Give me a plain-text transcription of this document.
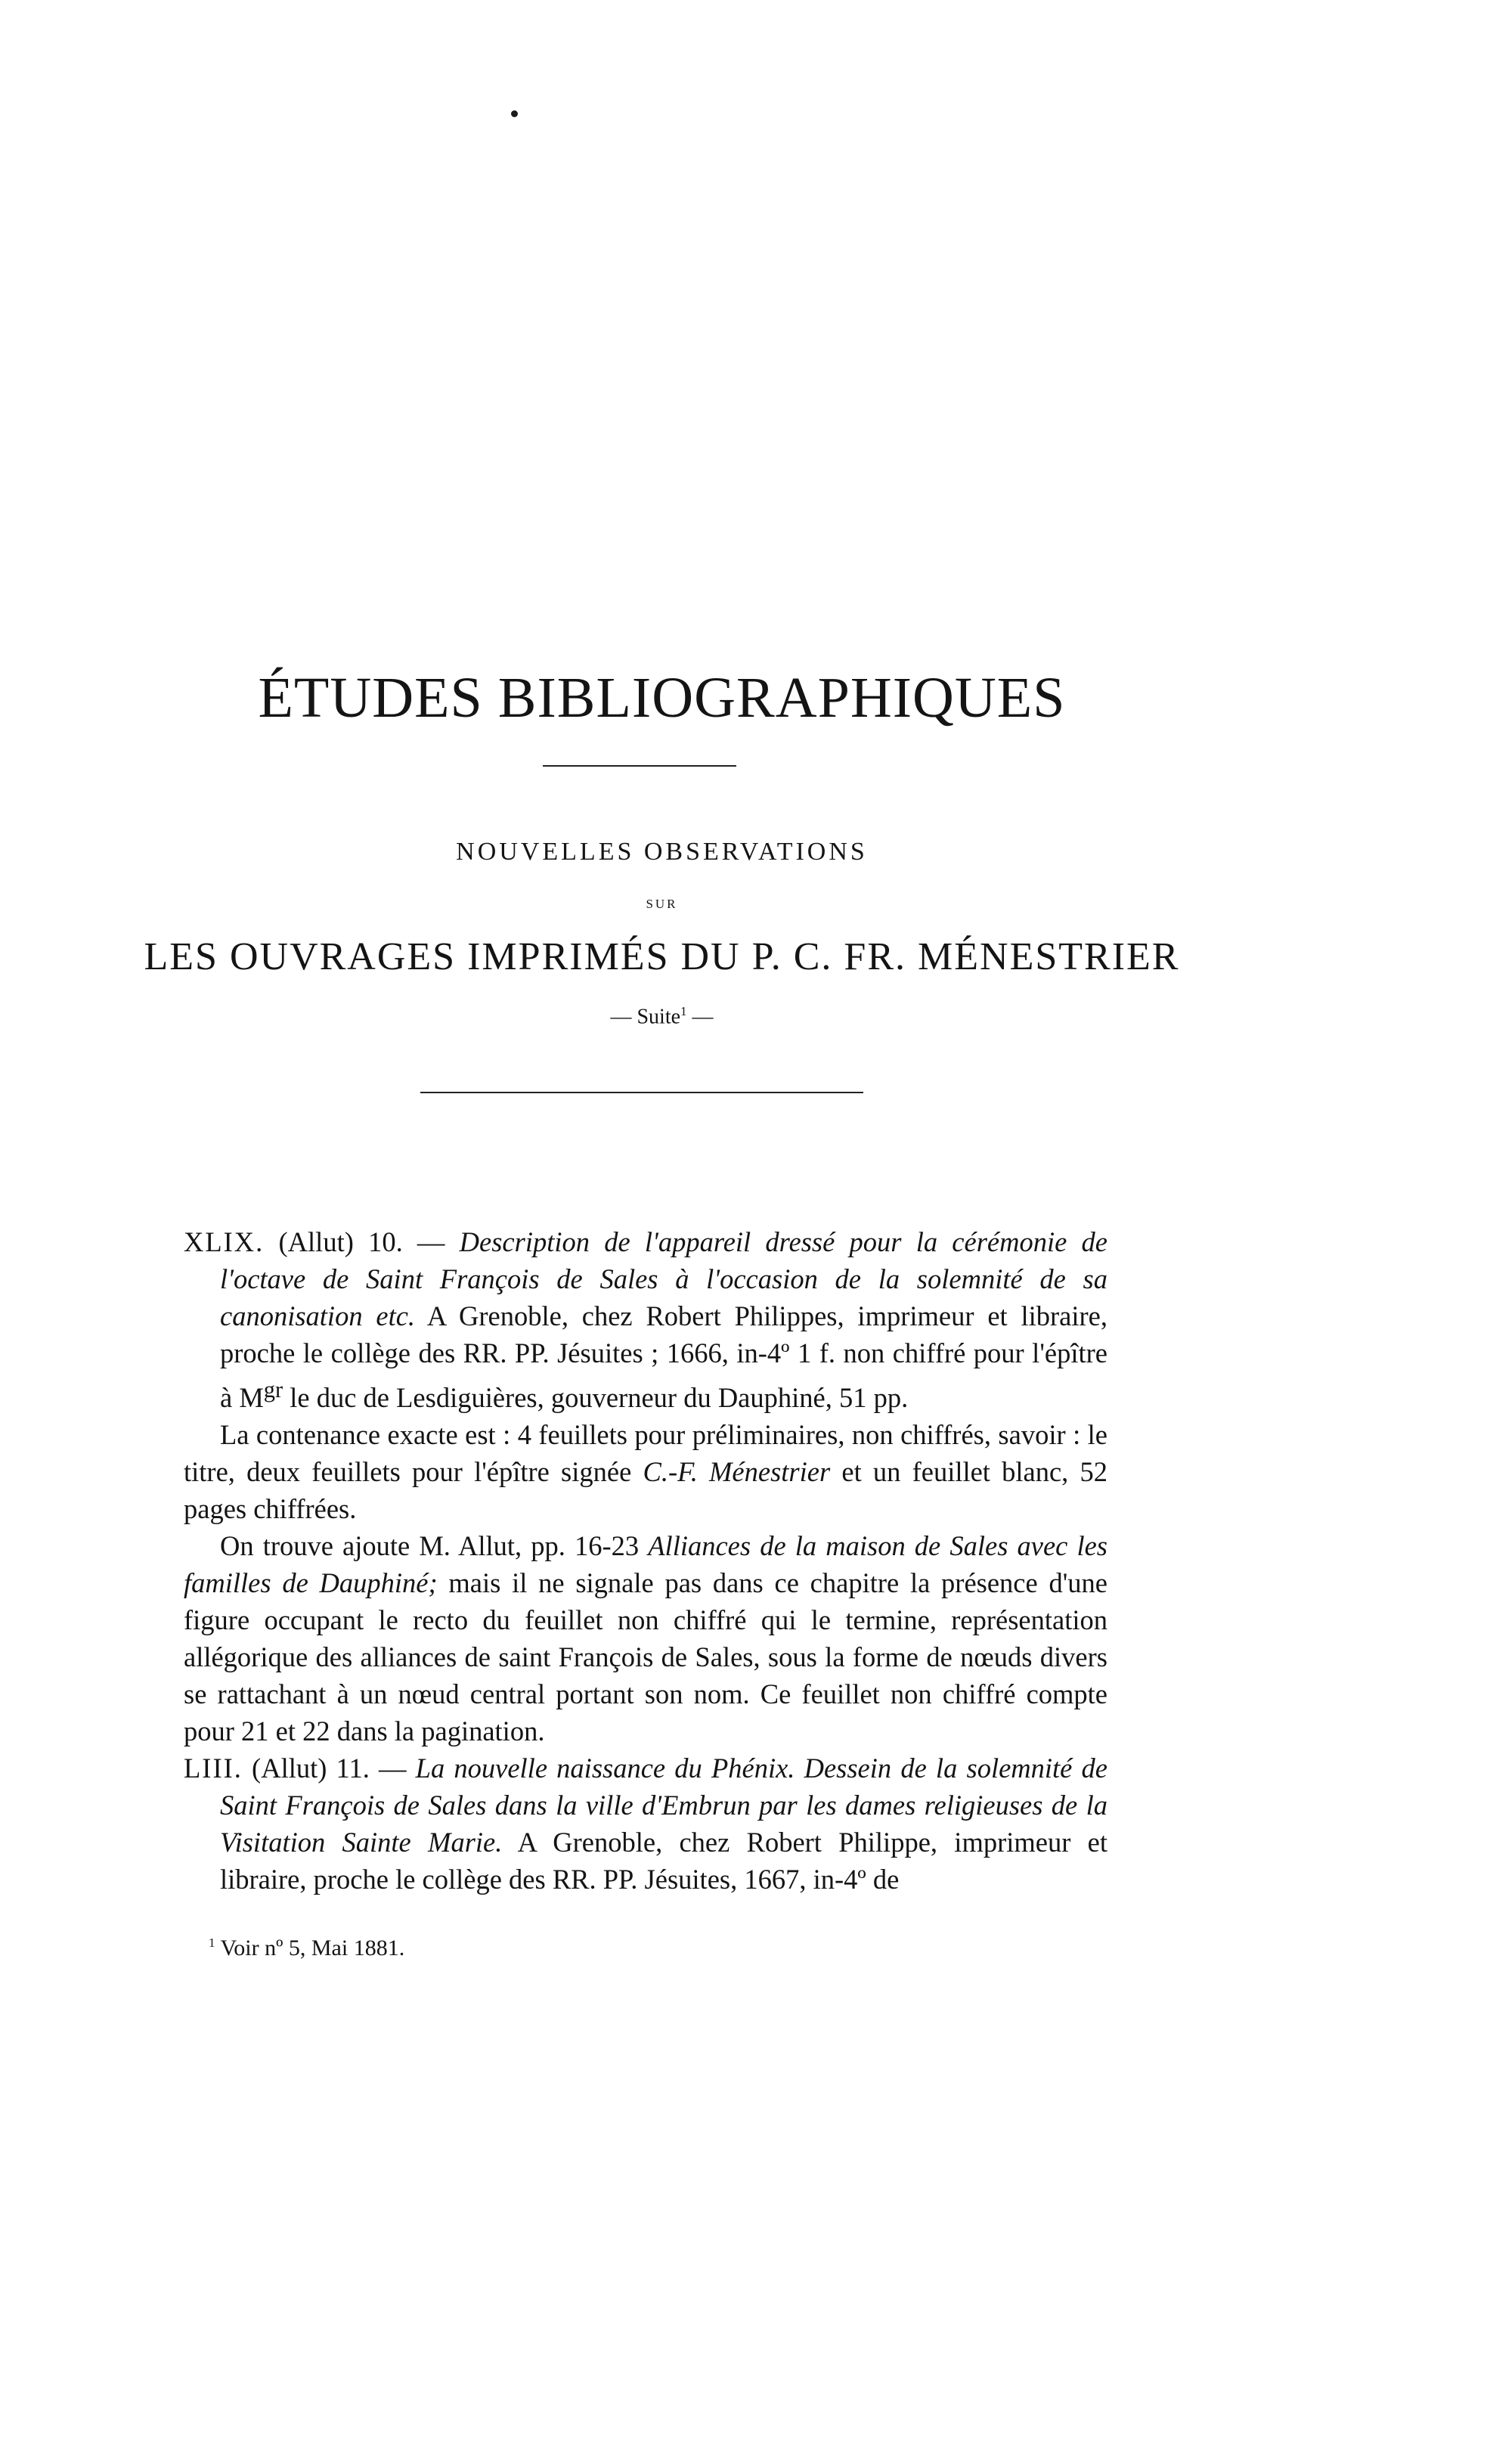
ÉTUDES BIBLIOGRAPHIQUES
NOUVELLES OBSERVATIONS
SUR
LES OUVRAGES IMPRIMÉS DU P. C. FR. MÉNESTRIER
— Suite$^1$ —

XLIX. (Allut) 10. — Description de l'appareil dressé pour la cérémonie de l'octave de Saint François de Sales à l'occasion de la solemnité de sa canonisation etc. A Grenoble, chez Robert Philippes, imprimeur et libraire, proche le collège des RR. PP. Jésuites ; 1666, in-4º 1 f. non chiffré pour l'épître à $M^{gr}$ le duc de Lesdiguières, gouverneur du Dauphiné, 51 pp.

La contenance exacte est : 4 feuillets pour préliminaires, non chiffrés, savoir : le titre, deux feuillets pour l'épître signée C.-F. Ménestrier et un feuillet blanc, 52 pages chiffrées.

On trouve ajoute M. Allut, pp. 16-23 Alliances de la maison de Sales avec les familles de Dauphiné; mais il ne signale pas dans ce chapitre la présence d'une figure occupant le recto du feuillet non chiffré qui le termine, représentation allégorique des alliances de saint François de Sales, sous la forme de nœuds divers se rattachant à un nœud central portant son nom. Ce feuillet non chiffré compte pour 21 et 22 dans la pagination.

LIII. (Allut) 11. — La nouvelle naissance du Phénix. Dessein de la solemnité de Saint François de Sales dans la ville d'Embrun par les dames religieuses de la Visitation Sainte Marie. A Grenoble, chez Robert Philippe, imprimeur et libraire, proche le collège des RR. PP. Jésuites, 1667, in-4º de

$^1$ Voir nº 5, Mai 1881.
